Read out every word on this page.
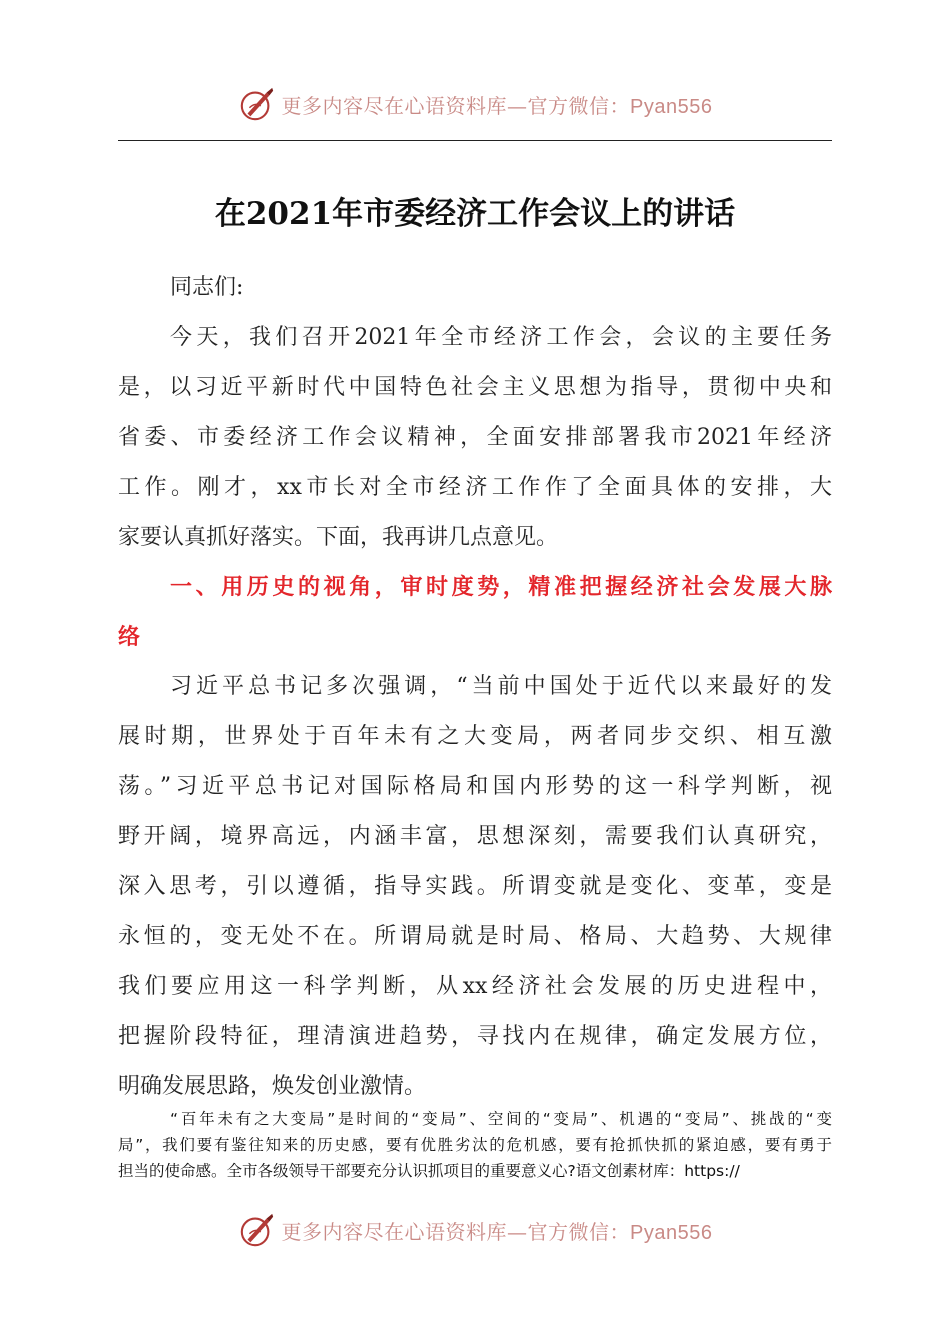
更多内容尽在心语资料库—官方微信：Pyan556
在2021年市委经济工作会议上的讲话
同志们:
今天，我们召开2021年全市经济工作会，会议的主要任务
是，以习近平新时代中国特色社会主义思想为指导，贯彻中央和
省委、市委经济工作会议精神，全面安排部署我市2021年经济
工作。刚才，xx市长对全市经济工作作了全面具体的安排，大
家要认真抓好落实。下面，我再讲几点意见。
一、用历史的视角，审时度势，精准把握经济社会发展大脉
络
习近平总书记多次强调，“当前中国处于近代以来最好的发
展时期，世界处于百年未有之大变局，两者同步交织、相互激
荡。”习近平总书记对国际格局和国内形势的这一科学判断，视
野开阔，境界高远，内涵丰富，思想深刻，需要我们认真研究，
深入思考，引以遵循，指导实践。所谓变就是变化、变革，变是
永恒的，变无处不在。所谓局就是时局、格局、大趋势、大规律
我们要应用这一科学判断，从xx经济社会发展的历史进程中，
把握阶段特征，理清演进趋势，寻找内在规律，确定发展方位，
明确发展思路，焕发创业激情。
“百年未有之大变局”是时间的“变局”、空间的“变局”、机遇的“变局”、挑战的“变
局”，我们要有鉴往知来的历史感，要有优胜劣汰的危机感，要有抢抓快抓的紧迫感，要有勇于
担当的使命感。全市各级领导干部要充分认识抓项目的重要意义心?语文创素材库：https://
更多内容尽在心语资料库—官方微信：Pyan556
